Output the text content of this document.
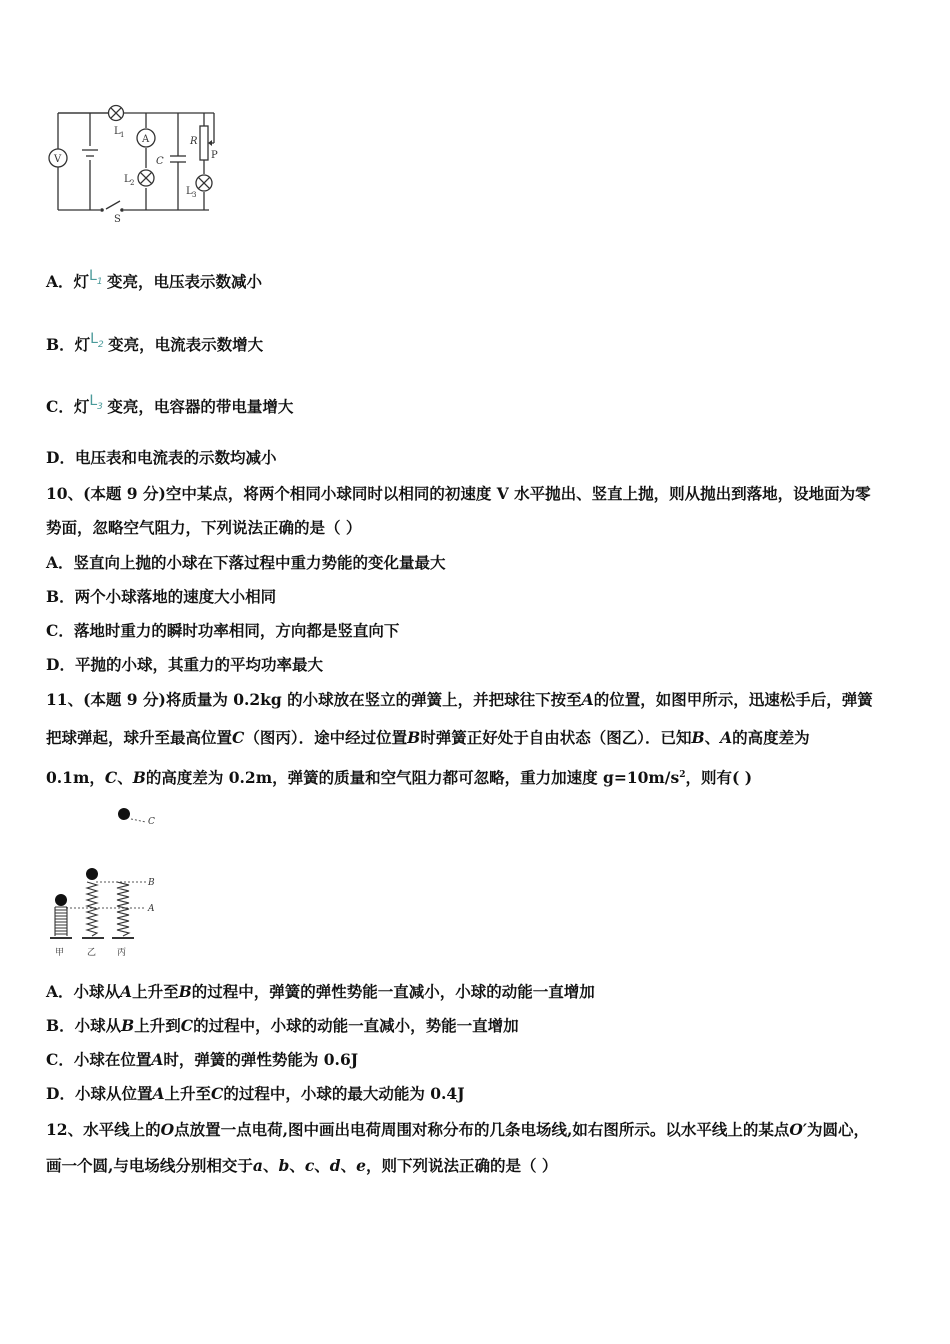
V
A
L 1
L 2
L 3
C
R
P
S
A．灯$L_1$ 变亮，电压表示数减小
B．灯$L_2$ 变亮，电流表示数增大
C．灯$L_3$ 变亮，电容器的带电量增大
D．电压表和电流表的示数均减小
10、(本题 9 分)空中某点，将两个相同小球同时以相同的初速度 V 水平抛出、竖直上抛，则从抛出到落地，设地面为零
势面，忽略空气阻力，下列说法正确的是（ ）
A．竖直向上抛的小球在下落过程中重力势能的变化量最大
B．两个小球落地的速度大小相同
C．落地时重力的瞬时功率相同，方向都是竖直向下
D．平抛的小球，其重力的平均功率最大
11、(本题 9 分)将质量为 0.2kg 的小球放在竖立的弹簧上，并把球往下按至A的位置，如图甲所示，迅速松手后，弹簧
把球弹起，球升至最高位置C（图丙）．途中经过位置B时弹簧正好处于自由状态（图乙）．已知B、A的高度差为
0.1m，C、B的高度差为 0.2m，弹簧的质量和空气阻力都可忽略，重力加速度 $g=10m/s^2$，则有( )
C
B
A
甲	乙 丙
A．小球从A上升至B的过程中，弹簧的弹性势能一直减小，小球的动能一直增加
B．小球从B上升到C的过程中，小球的动能一直减小，势能一直增加
C．小球在位置A时，弹簧的弹性势能为 0.6J
D．小球从位置A上升至C的过程中，小球的最大动能为 0.4J
12、水平线上的O点放置一点电荷,图中画出电荷周围对称分布的几条电场线,如右图所示。以水平线上的某点O′为圆心，
画一个圆,与电场线分别相交于a、b、c、d、e，则下列说法正确的是（ ）
